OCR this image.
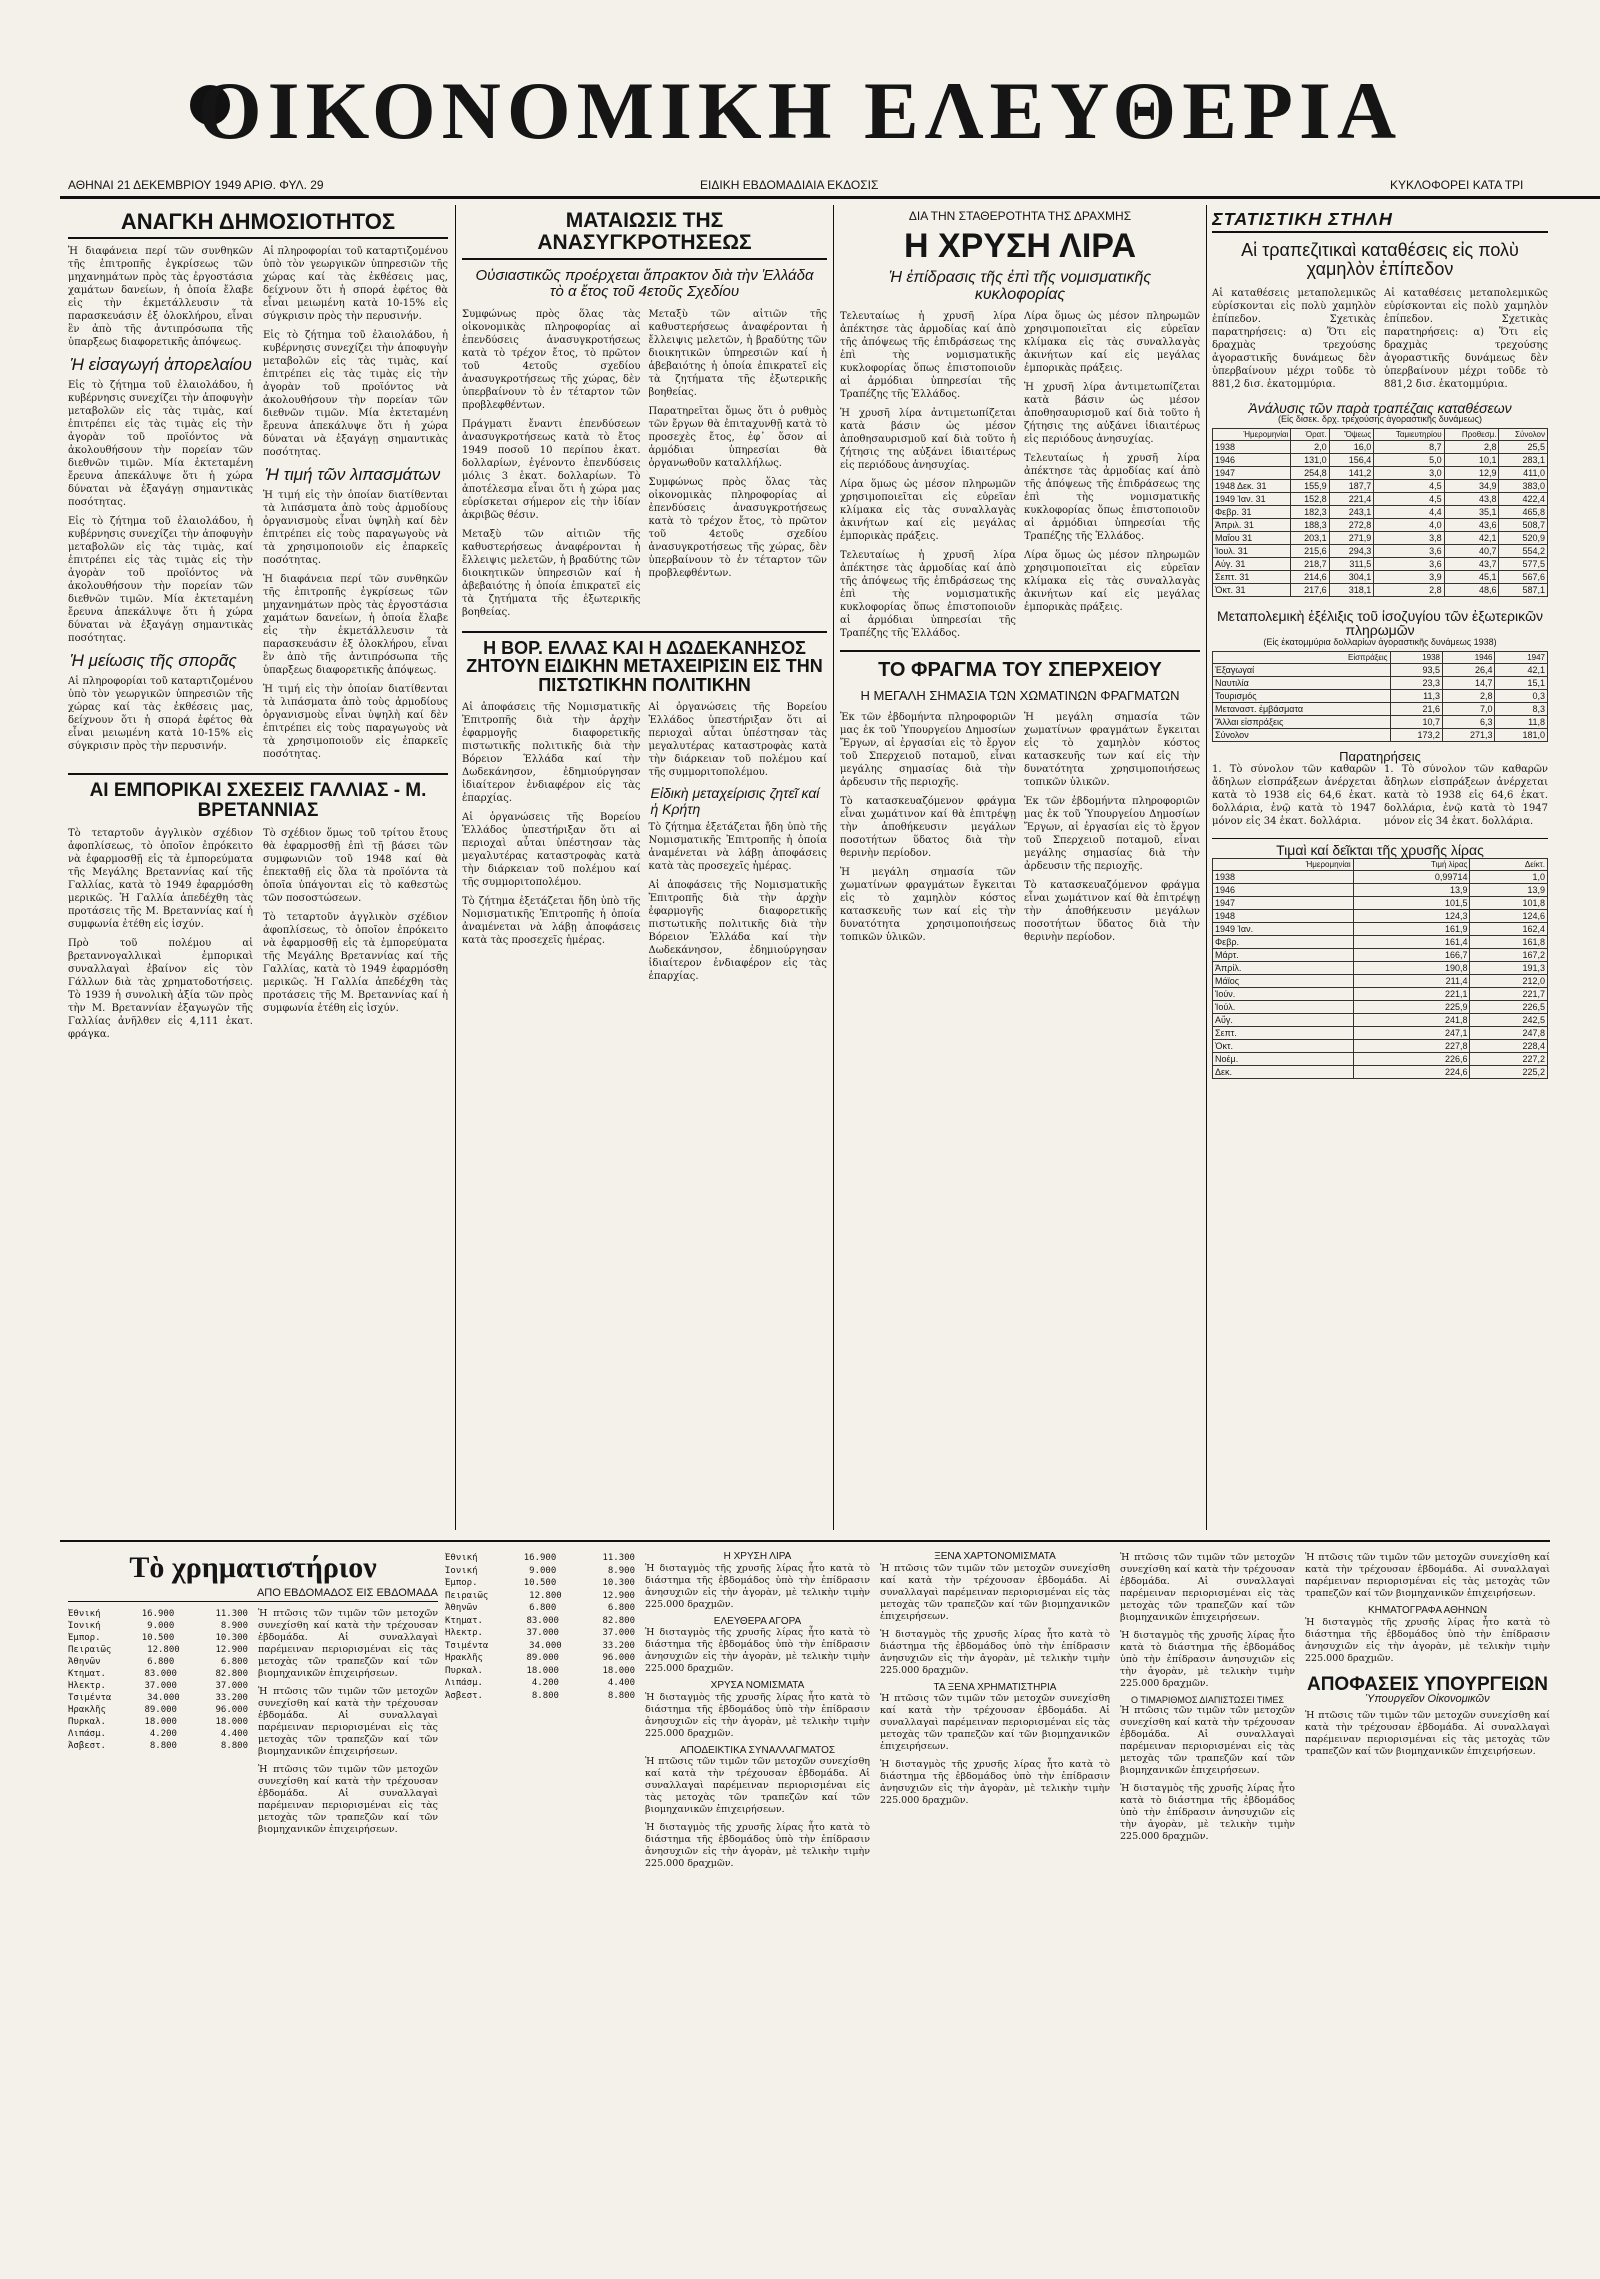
ΟΙΚΟΝΟΜΙΚΗ ΕΛΕΥΘΕΡΙΑ
ΑΘΗΝΑΙ 21 ΔΕΚΕΜΒΡΙΟΥ 1949 ΑΡΙΘ. ΦΥΛ. 29	ΕΙΔΙΚΗ ΕΒΔΟΜΑΔΙΑΙΑ ΕΚΔΟΣΙΣ	ΚΥΚΛΟΦΟΡΕΙ ΚΑΤΑ ΤΡΙ
ΑΝΑΓΚΗ ΔΗΜΟΣΙΟΤΗΤΟΣ

Ἡ διαφάνεια περί τῶν συνθηκῶν τῆς ἐπιτροπῆς ἐγκρίσεως τῶν μηχανημάτων πρὸς τὰς ἐργοστάσια χαμάτων δανείων, ἡ ὁποία ἔλαβε εἰς τὴν ἐκμετάλλευσιν τὰ παρασκευάσιν ἐξ ὁλοκλήρου, εἶναι ἓν ἀπὸ τῆς ἀντιπρόσωπα τῆς ὑπαρξεως διαφορετικῆς ἀπόψεως.

Ἡ εἰσαγωγή ἀπορελαίου

Εἰς τὸ ζήτημα τοῦ ἐλαιολάδου, ἡ κυβέρνησις συνεχίζει τὴν ἀποφυγὴν μεταβολῶν εἰς τὰς τιμὰς, καί ἐπιτρέπει εἰς τὰς τιμὰς εἰς τὴν ἀγορὰν τοῦ προϊόντος νὰ ἀκολουθήσουν τὴν πορείαν τῶν διεθνῶν τιμῶν. Μία ἐκτεταμένη ἔρευνα ἀπεκάλυψε ὅτι ἡ χώρα δύναται νὰ ἐξαγάγῃ σημαντικὰς ποσότητας.

Εἰς τὸ ζήτημα τοῦ ἐλαιολάδου, ἡ κυβέρνησις συνεχίζει τὴν ἀποφυγὴν μεταβολῶν εἰς τὰς τιμὰς, καί ἐπιτρέπει εἰς τὰς τιμὰς εἰς τὴν ἀγορὰν τοῦ προϊόντος νὰ ἀκολουθήσουν τὴν πορείαν τῶν διεθνῶν τιμῶν. Μία ἐκτεταμένη ἔρευνα ἀπεκάλυψε ὅτι ἡ χώρα δύναται νὰ ἐξαγάγῃ σημαντικὰς ποσότητας.

Ἡ μείωσις τῆς σπορᾶς

Αἱ πληροφορίαι τοῦ καταρτιζομένου ὑπὸ τὸν γεωργικῶν ὑπηρεσιῶν τῆς χώρας καί τὰς ἐκθέσεις μας, δείχνουν ὅτι ἡ σπορά ἐφέτος θὰ εἶναι μειωμένη κατὰ 10-15% εἰς σύγκρισιν πρὸς τὴν περυσινήν.

Αἱ πληροφορίαι τοῦ καταρτιζομένου ὑπὸ τὸν γεωργικῶν ὑπηρεσιῶν τῆς χώρας καί τὰς ἐκθέσεις μας, δείχνουν ὅτι ἡ σπορά ἐφέτος θὰ εἶναι μειωμένη κατὰ 10-15% εἰς σύγκρισιν πρὸς τὴν περυσινήν.

Εἰς τὸ ζήτημα τοῦ ἐλαιολάδου, ἡ κυβέρνησις συνεχίζει τὴν ἀποφυγὴν μεταβολῶν εἰς τὰς τιμὰς, καί ἐπιτρέπει εἰς τὰς τιμὰς εἰς τὴν ἀγορὰν τοῦ προϊόντος νὰ ἀκολουθήσουν τὴν πορείαν τῶν διεθνῶν τιμῶν. Μία ἐκτεταμένη ἔρευνα ἀπεκάλυψε ὅτι ἡ χώρα δύναται νὰ ἐξαγάγῃ σημαντικὰς ποσότητας.

Ἡ τιμή τῶν λιπασμάτων

Ἡ τιμή εἰς τὴν ὁποίαν διατίθενται τὰ λιπάσματα ἀπὸ τοὺς ἀρμοδίους ὀργανισμοὺς εἶναι ὑψηλὴ καί δὲν ἐπιτρέπει εἰς τοὺς παραγωγοὺς νὰ τὰ χρησιμοποιοῦν εἰς ἐπαρκεῖς ποσότητας.

Ἡ διαφάνεια περί τῶν συνθηκῶν τῆς ἐπιτροπῆς ἐγκρίσεως τῶν μηχανημάτων πρὸς τὰς ἐργοστάσια χαμάτων δανείων, ἡ ὁποία ἔλαβε εἰς τὴν ἐκμετάλλευσιν τὰ παρασκευάσιν ἐξ ὁλοκλήρου, εἶναι ἓν ἀπὸ τῆς ἀντιπρόσωπα τῆς ὑπαρξεως διαφορετικῆς ἀπόψεως.

Ἡ τιμή εἰς τὴν ὁποίαν διατίθενται τὰ λιπάσματα ἀπὸ τοὺς ἀρμοδίους ὀργανισμοὺς εἶναι ὑψηλὴ καί δὲν ἐπιτρέπει εἰς τοὺς παραγωγοὺς νὰ τὰ χρησιμοποιοῦν εἰς ἐπαρκεῖς ποσότητας.

ΑΙ ΕΜΠΟΡΙΚΑΙ ΣΧΕΣΕΙΣ ΓΑΛΛΙΑΣ - Μ. ΒΡΕΤΑΝΝΙΑΣ

Τὸ τεταρτοῦν ἀγγλικὸν σχέδιον ἀφοπλίσεως, τὸ ὁποῖον ἐπρόκειτο νὰ ἐφαρμοσθῇ εἰς τὰ ἐμπορεύματα τῆς Μεγάλης Βρεταννίας καί τῆς Γαλλίας, κατὰ τὸ 1949 ἐφαρμόσθη μερικῶς. Ἡ Γαλλία ἀπεδέχθη τὰς προτάσεις τῆς Μ. Βρεταννίας καί ἡ συμφωνία ἐτέθη εἰς ἰσχύν.

Πρὸ τοῦ πολέμου αἱ βρεταννογαλλικαὶ ἐμπορικαὶ συναλλαγαὶ ἐβαίνον εἰς τὸν Γάλλων διὰ τὰς χρηματοδοτήσεις. Τὸ 1939 ἡ συνολικὴ ἀξία τῶν πρὸς τὴν Μ. Βρεταννίαν ἐξαγωγῶν τῆς Γαλλίας ἀνῆλθεν εἰς 4,111 ἑκατ. φράγκα.

Τὸ σχέδιον ὅμως τοῦ τρίτου ἔτους θὰ ἐφαρμοσθῇ ἐπὶ τῇ βάσει τῶν συμφωνιῶν τοῦ 1948 καί θὰ ἐπεκταθῇ εἰς ὅλα τὰ προϊόντα τὰ ὁποῖα ὑπάγονται εἰς τὸ καθεστὼς τῶν ποσοστώσεων.

Τὸ τεταρτοῦν ἀγγλικὸν σχέδιον ἀφοπλίσεως, τὸ ὁποῖον ἐπρόκειτο νὰ ἐφαρμοσθῇ εἰς τὰ ἐμπορεύματα τῆς Μεγάλης Βρεταννίας καί τῆς Γαλλίας, κατὰ τὸ 1949 ἐφαρμόσθη μερικῶς. Ἡ Γαλλία ἀπεδέχθη τὰς προτάσεις τῆς Μ. Βρεταννίας καί ἡ συμφωνία ἐτέθη εἰς ἰσχύν.

ΜΑΤΑΙΩΣΙΣ ΤΗΣ ΑΝΑΣΥΓΚΡΟΤΗΣΕΩΣ
Οὐσιαστικῶς προέρχεται ἄπρακτον διὰ τὴν Ἑλλάδα τὸ α ἔτος τοῦ 4ετοῦς Σχεδίου

Συμφώνως πρὸς ὅλας τὰς οἰκονομικὰς πληροφορίας αἱ ἐπενδύσεις ἀνασυγκροτήσεως κατὰ τὸ τρέχον ἔτος, τὸ πρῶτον τοῦ 4ετοῦς σχεδίου ἀνασυγκροτήσεως τῆς χώρας, δὲν ὑπερβαίνουν τὸ ἐν τέταρτον τῶν προβλεφθέντων.

Πράγματι ἔναντι ἐπενδύσεων ἀνασυγκροτήσεως κατὰ τὸ ἔτος 1949 ποσοῦ 10 περίπου ἑκατ. δολλαρίων, ἐγένοντο ἐπενδύσεις μόλις 3 ἑκατ. δολλαρίων. Τὸ ἀποτέλεσμα εἶναι ὅτι ἡ χώρα μας εὑρίσκεται σήμερον εἰς τὴν ἰδίαν ἀκριβῶς θέσιν.

Μεταξὺ τῶν αἰτιῶν τῆς καθυστερήσεως ἀναφέρονται ἡ ἔλλειψις μελετῶν, ἡ βραδύτης τῶν διοικητικῶν ὑπηρεσιῶν καί ἡ ἀβεβαιότης ἡ ὁποία ἐπικρατεῖ εἰς τὰ ζητήματα τῆς ἐξωτερικῆς βοηθείας.

Μεταξὺ τῶν αἰτιῶν τῆς καθυστερήσεως ἀναφέρονται ἡ ἔλλειψις μελετῶν, ἡ βραδύτης τῶν διοικητικῶν ὑπηρεσιῶν καί ἡ ἀβεβαιότης ἡ ὁποία ἐπικρατεῖ εἰς τὰ ζητήματα τῆς ἐξωτερικῆς βοηθείας.

Παρατηρεῖται ὅμως ὅτι ὁ ρυθμὸς τῶν ἔργων θὰ ἐπιταχυνθῇ κατὰ τὸ προσεχὲς ἔτος, ἐφ᾽ ὅσον αἱ ἀρμόδιαι ὑπηρεσίαι θὰ ὀργανωθοῦν καταλλήλως.

Συμφώνως πρὸς ὅλας τὰς οἰκονομικὰς πληροφορίας αἱ ἐπενδύσεις ἀνασυγκροτήσεως κατὰ τὸ τρέχον ἔτος, τὸ πρῶτον τοῦ 4ετοῦς σχεδίου ἀνασυγκροτήσεως τῆς χώρας, δὲν ὑπερβαίνουν τὸ ἐν τέταρτον τῶν προβλεφθέντων.

Η ΒΟΡ. ΕΛΛΑΣ ΚΑΙ Η ΔΩΔΕΚΑΝΗΣΟΣ ΖΗΤΟΥΝ ΕΙΔΙΚΗΝ ΜΕΤΑΧΕΙΡΙΣΙΝ ΕΙΣ ΤΗΝ ΠΙΣΤΩΤΙΚΗΝ ΠΟΛΙΤΙΚΗΝ

Αἱ ἀποφάσεις τῆς Νομισματικῆς Ἐπιτροπῆς διὰ τὴν ἀρχὴν ἐφαρμογῆς διαφορετικῆς πιστωτικῆς πολιτικῆς διὰ τὴν Βόρειον Ἑλλάδα καί τὴν Δωδεκάνησον, ἐδημιούργησαν ἰδιαίτερον ἐνδιαφέρον εἰς τὰς ἐπαρχίας.

Αἱ ὀργανώσεις τῆς Βορείου Ἑλλάδος ὑπεστήριξαν ὅτι αἱ περιοχαὶ αὗται ὑπέστησαν τὰς μεγαλυτέρας καταστροφὰς κατὰ τὴν διάρκειαν τοῦ πολέμου καί τῆς συμμοριτοπολέμου.

Τὸ ζήτημα ἐξετάζεται ἤδη ὑπὸ τῆς Νομισματικῆς Ἐπιτροπῆς ἡ ὁποία ἀναμένεται νὰ λάβῃ ἀποφάσεις κατὰ τὰς προσεχεῖς ἡμέρας.

Αἱ ὀργανώσεις τῆς Βορείου Ἑλλάδος ὑπεστήριξαν ὅτι αἱ περιοχαὶ αὗται ὑπέστησαν τὰς μεγαλυτέρας καταστροφὰς κατὰ τὴν διάρκειαν τοῦ πολέμου καί τῆς συμμοριτοπολέμου.

Εἰδικὴ μεταχείρισις ζητεῖ καί ἡ Κρήτη

Τὸ ζήτημα ἐξετάζεται ἤδη ὑπὸ τῆς Νομισματικῆς Ἐπιτροπῆς ἡ ὁποία ἀναμένεται νὰ λάβῃ ἀποφάσεις κατὰ τὰς προσεχεῖς ἡμέρας.

Αἱ ἀποφάσεις τῆς Νομισματικῆς Ἐπιτροπῆς διὰ τὴν ἀρχὴν ἐφαρμογῆς διαφορετικῆς πιστωτικῆς πολιτικῆς διὰ τὴν Βόρειον Ἑλλάδα καί τὴν Δωδεκάνησον, ἐδημιούργησαν ἰδιαίτερον ἐνδιαφέρον εἰς τὰς ἐπαρχίας.

ΔΙΑ ΤΗΝ ΣΤΑΘΕΡΟΤΗΤΑ ΤΗΣ ΔΡΑΧΜΗΣ
Η ΧΡΥΣΗ ΛΙΡΑ
Ἡ ἐπίδρασις τῆς ἐπὶ τῆς νομισματικῆς κυκλοφορίας

Τελευταίως ἡ χρυσῆ λίρα ἀπέκτησε τὰς ἀρμοδίας καί ἀπὸ τῆς ἀπόψεως τῆς ἐπιδράσεως της ἐπὶ τὴς νομισματικῆς κυκλοφορίας ὅπως ἐπιστοποιοῦν αἱ ἀρμόδιαι ὑπηρεσίαι τῆς Τραπέζης τῆς Ἑλλάδος.

Ἡ χρυσῆ λίρα ἀντιμετωπίζεται κατὰ βάσιν ὡς μέσον ἀποθησαυρισμοῦ καί διὰ τοῦτο ἡ ζήτησις της αὐξάνει ἰδιαιτέρως εἰς περιόδους ἀνησυχίας.

Λίρα ὅμως ὡς μέσον πληρωμῶν χρησιμοποιεῖται εἰς εὐρεῖαν κλίμακα εἰς τὰς συναλλαγὰς ἀκινήτων καί εἰς μεγάλας ἐμπορικὰς πράξεις.

Τελευταίως ἡ χρυσῆ λίρα ἀπέκτησε τὰς ἀρμοδίας καί ἀπὸ τῆς ἀπόψεως τῆς ἐπιδράσεως της ἐπὶ τὴς νομισματικῆς κυκλοφορίας ὅπως ἐπιστοποιοῦν αἱ ἀρμόδιαι ὑπηρεσίαι τῆς Τραπέζης τῆς Ἑλλάδος.

Λίρα ὅμως ὡς μέσον πληρωμῶν χρησιμοποιεῖται εἰς εὐρεῖαν κλίμακα εἰς τὰς συναλλαγὰς ἀκινήτων καί εἰς μεγάλας ἐμπορικὰς πράξεις.

Ἡ χρυσῆ λίρα ἀντιμετωπίζεται κατὰ βάσιν ὡς μέσον ἀποθησαυρισμοῦ καί διὰ τοῦτο ἡ ζήτησις της αὐξάνει ἰδιαιτέρως εἰς περιόδους ἀνησυχίας.

Τελευταίως ἡ χρυσῆ λίρα ἀπέκτησε τὰς ἀρμοδίας καί ἀπὸ τῆς ἀπόψεως τῆς ἐπιδράσεως της ἐπὶ τὴς νομισματικῆς κυκλοφορίας ὅπως ἐπιστοποιοῦν αἱ ἀρμόδιαι ὑπηρεσίαι τῆς Τραπέζης τῆς Ἑλλάδος.

Λίρα ὅμως ὡς μέσον πληρωμῶν χρησιμοποιεῖται εἰς εὐρεῖαν κλίμακα εἰς τὰς συναλλαγὰς ἀκινήτων καί εἰς μεγάλας ἐμπορικὰς πράξεις.

ΤΟ ΦΡΑΓΜΑ ΤΟΥ ΣΠΕΡΧΕΙΟΥ
Η ΜΕΓΑΛΗ ΣΗΜΑΣΙΑ ΤΩΝ ΧΩΜΑΤΙΝΩΝ ΦΡΑΓΜΑΤΩΝ

Ἐκ τῶν ἐβδομήντα πληροφοριῶν μας ἐκ τοῦ Ὑπουργείου Δημοσίων Ἔργων, αἱ ἐργασίαι εἰς τὸ ἔργον τοῦ Σπερχειοῦ ποταμοῦ, εἶναι μεγάλης σημασίας διὰ τὴν ἀρδευσιν τῆς περιοχῆς.

Τὸ κατασκευαζόμενον φράγμα εἶναι χωμάτινον καί θὰ ἐπιτρέψῃ τὴν ἀποθήκευσιν μεγάλων ποσοτήτων ὕδατος διὰ τὴν θερινὴν περίοδον.

Ἡ μεγάλη σημασία τῶν χωματίνων φραγμάτων ἔγκειται εἰς τὸ χαμηλὸν κόστος κατασκευῆς των καί εἰς τὴν δυνατότητα χρησιμοποιήσεως τοπικῶν ὑλικῶν.

Ἡ μεγάλη σημασία τῶν χωματίνων φραγμάτων ἔγκειται εἰς τὸ χαμηλὸν κόστος κατασκευῆς των καί εἰς τὴν δυνατότητα χρησιμοποιήσεως τοπικῶν ὑλικῶν.

Ἐκ τῶν ἐβδομήντα πληροφοριῶν μας ἐκ τοῦ Ὑπουργείου Δημοσίων Ἔργων, αἱ ἐργασίαι εἰς τὸ ἔργον τοῦ Σπερχειοῦ ποταμοῦ, εἶναι μεγάλης σημασίας διὰ τὴν ἀρδευσιν τῆς περιοχῆς.

Τὸ κατασκευαζόμενον φράγμα εἶναι χωμάτινον καί θὰ ἐπιτρέψῃ τὴν ἀποθήκευσιν μεγάλων ποσοτήτων ὕδατος διὰ τὴν θερινὴν περίοδον.

ΣΤΑΤΙΣΤΙΚΗ ΣΤΗΛΗ
Αἱ τραπεζιτικαὶ καταθέσεις εἰς πολὺ χαμηλὸν ἐπίπεδον

Αἱ καταθέσεις μεταπολεμικῶς εὑρίσκονται εἰς πολὺ χαμηλὸν ἐπίπεδον. Σχετικὰς παρατηρήσεις: α) Ὅτι εἰς δραχμὰς τρεχούσης ἀγοραστικῆς δυνάμεως δὲν ὑπερβαίνουν μέχρι τοῦδε τὸ 881,2 δισ. ἐκατομμύρια.

Αἱ καταθέσεις μεταπολεμικῶς εὑρίσκονται εἰς πολὺ χαμηλὸν ἐπίπεδον. Σχετικὰς παρατηρήσεις: α) Ὅτι εἰς δραχμὰς τρεχούσης ἀγοραστικῆς δυνάμεως δὲν ὑπερβαίνουν μέχρι τοῦδε τὸ 881,2 δισ. ἐκατομμύρια.

Ἀνάλυσις τῶν παρὰ τραπέζαις καταθέσεων
(Εἰς δισεκ. δρχ. τρεχούσης ἀγοραστικῆς δυνάμεως)
Ἡμερομηνίαι	Ὁρατ.	Ὅψεως	Ταμιευτηρίου	Προθεσμ.	Σύνολον
1938	2,0	16,0	8,7	2,8	25,5
1946	131,0	156,4	5,0	10,1	283,1
1947	254,8	141,2	3,0	12,9	411,0
1948 Δεκ. 31	155,9	187,7	4,5	34,9	383,0
1949 Ἰαν. 31	152,8	221,4	4,5	43,8	422,4
Φεβρ. 31	182,3	243,1	4,4	35,1	465,8
Ἀπριλ. 31	188,3	272,8	4,0	43,6	508,7
Μαΐου 31	203,1	271,9	3,8	42,1	520,9
Ἰουλ. 31	215,6	294,3	3,6	40,7	554,2
Αὐγ. 31	218,7	311,5	3,6	43,7	577,5
Σεπτ. 31	214,6	304,1	3,9	45,1	567,6
Ὀκτ. 31	217,6	318,1	2,8	48,6	587,1
Μεταπολεμικὴ ἐξέλιξις τοῦ ἰσοζυγίου τῶν ἐξωτερικῶν πληρωμῶν
(Εἰς ἑκατομμύρια δολλαρίων ἀγοραστικῆς δυνάμεως 1938)
Εἰσπράξεις	1938	1946	1947
Ἐξαγωγαί	93,5	26,4	42,1
Ναυτιλία	23,3	14,7	15,1
Τουρισμός	11,3	2,8	0,3
Μεταναστ. ἐμβάσματα	21,6	7,0	8,3
Ἄλλαι εἰσπράξεις	10,7	6,3	11,8
Σύνολον	173,2	271,3	181,0
Παρατηρήσεις

1. Τὸ σύνολον τῶν καθαρῶν ἄδηλων εἰσπράξεων ἀνέρχεται κατὰ τὸ 1938 εἰς 64,6 ἑκατ. δολλάρια, ἐνῷ κατὰ τὸ 1947 μόνον εἰς 34 ἑκατ. δολλάρια.

1. Τὸ σύνολον τῶν καθαρῶν ἄδηλων εἰσπράξεων ἀνέρχεται κατὰ τὸ 1938 εἰς 64,6 ἑκατ. δολλάρια, ἐνῷ κατὰ τὸ 1947 μόνον εἰς 34 ἑκατ. δολλάρια.

Τιμαὶ καί δεῖκται τῆς χρυσῆς λίρας
Ἡμερομηνίαι	Τιμή λίρας	Δείκτ.
1938	0,99714	1,0
1946	13,9	13,9
1947	101,5	101,8
1948	124,3	124,6
1949 Ἰαν.	161,9	162,4
Φεβρ.	161,4	161,8
Μάρτ.	166,7	167,2
Ἀπρίλ.	190,8	191,3
Μάϊος	211,4	212,0
Ἰούν.	221,1	221,7
Ἰούλ.	225,9	226,5
Αὔγ.	241,8	242,5
Σεπτ.	247,1	247,8
Ὀκτ.	227,8	228,4
Νοέμ.	226,6	227,2
Δεκ.	224,6	225,2
Τὸ χρηματιστήριον
ΑΠΟ ΕΒΔΟΜΑΔΟΣ ΕΙΣ ΕΒΔΟΜΑΔΑ
Ἐθνική	16.900	11.300
Ἰονική	9.000	8.900
Ἐμπορ.	10.500	10.300
Πειραιῶς	12.800	12.900
Ἀθηνῶν	6.800	6.800
Κτηματ.	83.000	82.800
Ἠλεκτρ.	37.000	37.000
Τσιμέντα	34.000	33.200
Ἡρακλῆς	89.000	96.000
Πυρκαλ.	18.000	18.000
Λιπάσμ.	4.200	4.400
Ἄσβεστ.	8.800	8.800

Ἡ πτῶσις τῶν τιμῶν τῶν μετοχῶν συνεχίσθη καί κατὰ τὴν τρέχουσαν ἑβδομάδα. Αἱ συναλλαγαὶ παρέμειναν περιορισμέναι εἰς τὰς μετοχὰς τῶν τραπεζῶν καί τῶν βιομηχανικῶν ἐπιχειρήσεων.

Ἡ πτῶσις τῶν τιμῶν τῶν μετοχῶν συνεχίσθη καί κατὰ τὴν τρέχουσαν ἑβδομάδα. Αἱ συναλλαγαὶ παρέμειναν περιορισμέναι εἰς τὰς μετοχὰς τῶν τραπεζῶν καί τῶν βιομηχανικῶν ἐπιχειρήσεων.

Ἡ πτῶσις τῶν τιμῶν τῶν μετοχῶν συνεχίσθη καί κατὰ τὴν τρέχουσαν ἑβδομάδα. Αἱ συναλλαγαὶ παρέμειναν περιορισμέναι εἰς τὰς μετοχὰς τῶν τραπεζῶν καί τῶν βιομηχανικῶν ἐπιχειρήσεων.

Ἐθνική	16.900	11.300
Ἰονική	9.000	8.900
Ἐμπορ.	10.500	10.300
Πειραιῶς	12.800	12.900
Ἀθηνῶν	6.800	6.800
Κτηματ.	83.000	82.800
Ἠλεκτρ.	37.000	37.000
Τσιμέντα	34.000	33.200
Ἡρακλῆς	89.000	96.000
Πυρκαλ.	18.000	18.000
Λιπάσμ.	4.200	4.400
Ἄσβεστ.	8.800	8.800
Η ΧΡΥΣΗ ΛΙΡΑ

Ἡ δισταγμὸς τῆς χρυσῆς λίρας ἦτο κατὰ τὸ διάστημα τῆς ἑβδομάδος ὑπὸ τὴν ἐπίδρασιν ἀνησυχιῶν εἰς τὴν ἀγορὰν, μὲ τελικὴν τιμὴν 225.000 δραχμῶν.

ΕΛΕΥΘΕΡΑ ΑΓΟΡΑ

Ἡ δισταγμὸς τῆς χρυσῆς λίρας ἦτο κατὰ τὸ διάστημα τῆς ἑβδομάδος ὑπὸ τὴν ἐπίδρασιν ἀνησυχιῶν εἰς τὴν ἀγορὰν, μὲ τελικὴν τιμὴν 225.000 δραχμῶν.

ΧΡΥΣΑ ΝΟΜΙΣΜΑΤΑ

Ἡ δισταγμὸς τῆς χρυσῆς λίρας ἦτο κατὰ τὸ διάστημα τῆς ἑβδομάδος ὑπὸ τὴν ἐπίδρασιν ἀνησυχιῶν εἰς τὴν ἀγορὰν, μὲ τελικὴν τιμὴν 225.000 δραχμῶν.

ΑΠΟΔΕΙΚΤΙΚΑ ΣΥΝΑΛΛΑΓΜΑΤΟΣ

Ἡ πτῶσις τῶν τιμῶν τῶν μετοχῶν συνεχίσθη καί κατὰ τὴν τρέχουσαν ἑβδομάδα. Αἱ συναλλαγαὶ παρέμειναν περιορισμέναι εἰς τὰς μετοχὰς τῶν τραπεζῶν καί τῶν βιομηχανικῶν ἐπιχειρήσεων.

Ἡ δισταγμὸς τῆς χρυσῆς λίρας ἦτο κατὰ τὸ διάστημα τῆς ἑβδομάδος ὑπὸ τὴν ἐπίδρασιν ἀνησυχιῶν εἰς τὴν ἀγορὰν, μὲ τελικὴν τιμὴν 225.000 δραχμῶν.

ΞΕΝΑ ΧΑΡΤΟΝΟΜΙΣΜΑΤΑ

Ἡ πτῶσις τῶν τιμῶν τῶν μετοχῶν συνεχίσθη καί κατὰ τὴν τρέχουσαν ἑβδομάδα. Αἱ συναλλαγαὶ παρέμειναν περιορισμέναι εἰς τὰς μετοχὰς τῶν τραπεζῶν καί τῶν βιομηχανικῶν ἐπιχειρήσεων.

Ἡ δισταγμὸς τῆς χρυσῆς λίρας ἦτο κατὰ τὸ διάστημα τῆς ἑβδομάδος ὑπὸ τὴν ἐπίδρασιν ἀνησυχιῶν εἰς τὴν ἀγορὰν, μὲ τελικὴν τιμὴν 225.000 δραχμῶν.

ΤΑ ΞΕΝΑ ΧΡΗΜΑΤΙΣΤΗΡΙΑ

Ἡ πτῶσις τῶν τιμῶν τῶν μετοχῶν συνεχίσθη καί κατὰ τὴν τρέχουσαν ἑβδομάδα. Αἱ συναλλαγαὶ παρέμειναν περιορισμέναι εἰς τὰς μετοχὰς τῶν τραπεζῶν καί τῶν βιομηχανικῶν ἐπιχειρήσεων.

Ἡ δισταγμὸς τῆς χρυσῆς λίρας ἦτο κατὰ τὸ διάστημα τῆς ἑβδομάδος ὑπὸ τὴν ἐπίδρασιν ἀνησυχιῶν εἰς τὴν ἀγορὰν, μὲ τελικὴν τιμὴν 225.000 δραχμῶν.

Ἡ πτῶσις τῶν τιμῶν τῶν μετοχῶν συνεχίσθη καί κατὰ τὴν τρέχουσαν ἑβδομάδα. Αἱ συναλλαγαὶ παρέμειναν περιορισμέναι εἰς τὰς μετοχὰς τῶν τραπεζῶν καί τῶν βιομηχανικῶν ἐπιχειρήσεων.

Ἡ δισταγμὸς τῆς χρυσῆς λίρας ἦτο κατὰ τὸ διάστημα τῆς ἑβδομάδος ὑπὸ τὴν ἐπίδρασιν ἀνησυχιῶν εἰς τὴν ἀγορὰν, μὲ τελικὴν τιμὴν 225.000 δραχμῶν.

Ο ΤΙΜΑΡΙΘΜΟΣ ΔΙΑΠΙΣΤΩΣΕΙ ΤΙΜΕΣ

Ἡ πτῶσις τῶν τιμῶν τῶν μετοχῶν συνεχίσθη καί κατὰ τὴν τρέχουσαν ἑβδομάδα. Αἱ συναλλαγαὶ παρέμειναν περιορισμέναι εἰς τὰς μετοχὰς τῶν τραπεζῶν καί τῶν βιομηχανικῶν ἐπιχειρήσεων.

Ἡ δισταγμὸς τῆς χρυσῆς λίρας ἦτο κατὰ τὸ διάστημα τῆς ἑβδομάδος ὑπὸ τὴν ἐπίδρασιν ἀνησυχιῶν εἰς τὴν ἀγορὰν, μὲ τελικὴν τιμὴν 225.000 δραχμῶν.

Ἡ πτῶσις τῶν τιμῶν τῶν μετοχῶν συνεχίσθη καί κατὰ τὴν τρέχουσαν ἑβδομάδα. Αἱ συναλλαγαὶ παρέμειναν περιορισμέναι εἰς τὰς μετοχὰς τῶν τραπεζῶν καί τῶν βιομηχανικῶν ἐπιχειρήσεων.

ΚΗΜΑΤΟΓΡΑΦΑ ΑΘΗΝΩΝ

Ἡ δισταγμὸς τῆς χρυσῆς λίρας ἦτο κατὰ τὸ διάστημα τῆς ἑβδομάδος ὑπὸ τὴν ἐπίδρασιν ἀνησυχιῶν εἰς τὴν ἀγορὰν, μὲ τελικὴν τιμὴν 225.000 δραχμῶν.

ΑΠΟΦΑΣΕΙΣ ΥΠΟΥΡΓΕΙΩΝ
Ὑπουργεῖον Οἰκονομικῶν

Ἡ πτῶσις τῶν τιμῶν τῶν μετοχῶν συνεχίσθη καί κατὰ τὴν τρέχουσαν ἑβδομάδα. Αἱ συναλλαγαὶ παρέμειναν περιορισμέναι εἰς τὰς μετοχὰς τῶν τραπεζῶν καί τῶν βιομηχανικῶν ἐπιχειρήσεων.
